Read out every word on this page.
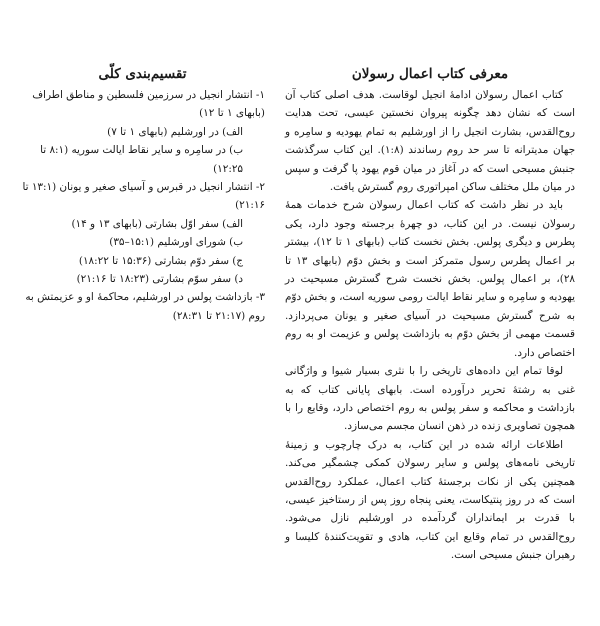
معرفی کتاب اعمال رسولان

کتاب اعمال رسولان ادامهٔ انجیل لوقاست. هدف اصلی کتاب آن است که نشان دهد چگونه پیروان نخستین عیسی، تحت هدایت روح‌القدس، بشارت انجیل را از اورشلیم به تمام یهودیه و سامِره و جهان مدیترانه تا سر حد روم رساندند (۱:۸). این کتاب سرگذشت جنبش مسیحی است که در آغاز در میان قوم یهود پا گرفت و سپس در میان ملل مختلف ساکن امپراتوری روم گسترش یافت.

باید در نظر داشت که کتاب اعمال رسولان شرح خدمات همهٔ رسولان نیست. در این کتاب، دو چهرهٔ برجسته وجود دارد، یکی پطرس و دیگری پولس. بخش نخست کتاب (بابهای ۱ تا ۱۲)، بیشتر بر اعمال پطرس رسول متمرکز است و بخش دوّم (بابهای ۱۳ تا ۲۸)، بر اعمال پولس. بخش نخست شرح گسترش مسیحیت در یهودیه و سامِره و سایر نقاط ایالت رومی سوریه است، و بخش دوّم به شرح گسترش مسیحیت در آسیای صغیر و یونان می‌پردازد. قسمت مهمی از بخش دوّم به بازداشت پولس و عزیمت او به روم اختصاص دارد.

لوقا تمام این داده‌های تاریخی را با نثری بسیار شیوا و واژگانی غنی به رشتهٔ تحریر درآورده است. بابهای پایانی کتاب که به بازداشت و محاکمه و سفر پولس به روم اختصاص دارد، وقایع را با همچون تصاویری زنده در ذهن انسان مجسم می‌سازد.

اطلاعات ارائه شده در این کتاب، به درک چارچوب و زمینهٔ تاریخی نامه‌های پولس و سایر رسولان کمکی چشمگیر می‌کند. همچنین یکی از نکات برجستهٔ کتاب اعمال، عملکرد روح‌القدس است که در روز پنتیکاست، یعنی پنجاه روز پس از رستاخیز عیسی، با قدرت بر ایمانداران گردآمده در اورشلیم نازل می‌شود. روح‌القدس در تمام وقایع این کتاب، هادی و تقویت‌کنندهٔ کلیسا و رهبران جنبش مسیحی است.

تقسیم‌بندی کلّی
۱- انتشار انجیل در سرزمین فلسطین و مناطق اطراف (بابهای ۱ تا ۱۲)
الف) در اورشلیم (بابهای ۱ تا ۷)
ب) در سامِره و سایر نقاط ایالت سوریه (۸:۱ تا ۱۲:۲۵)
۲- انتشار انجیل در قبرس و آسیای صغیر و یونان (۱۳:۱ تا ۲۱:۱۶)
الف) سفر اوّل بشارتی (بابهای ۱۳ و ۱۴)
ب) شورای اورشلیم (۱۵:۱–۳۵)
ج) سفر دوّم بشارتی (۱۵:۳۶ تا ۱۸:۲۲)
د) سفر سوّم بشارتی (۱۸:۲۳ تا ۲۱:۱۶)
۳- بازداشت پولس در اورشلیم، محاکمهٔ او و عزیمتش به روم (۲۱:۱۷ تا ۲۸:۳۱)
